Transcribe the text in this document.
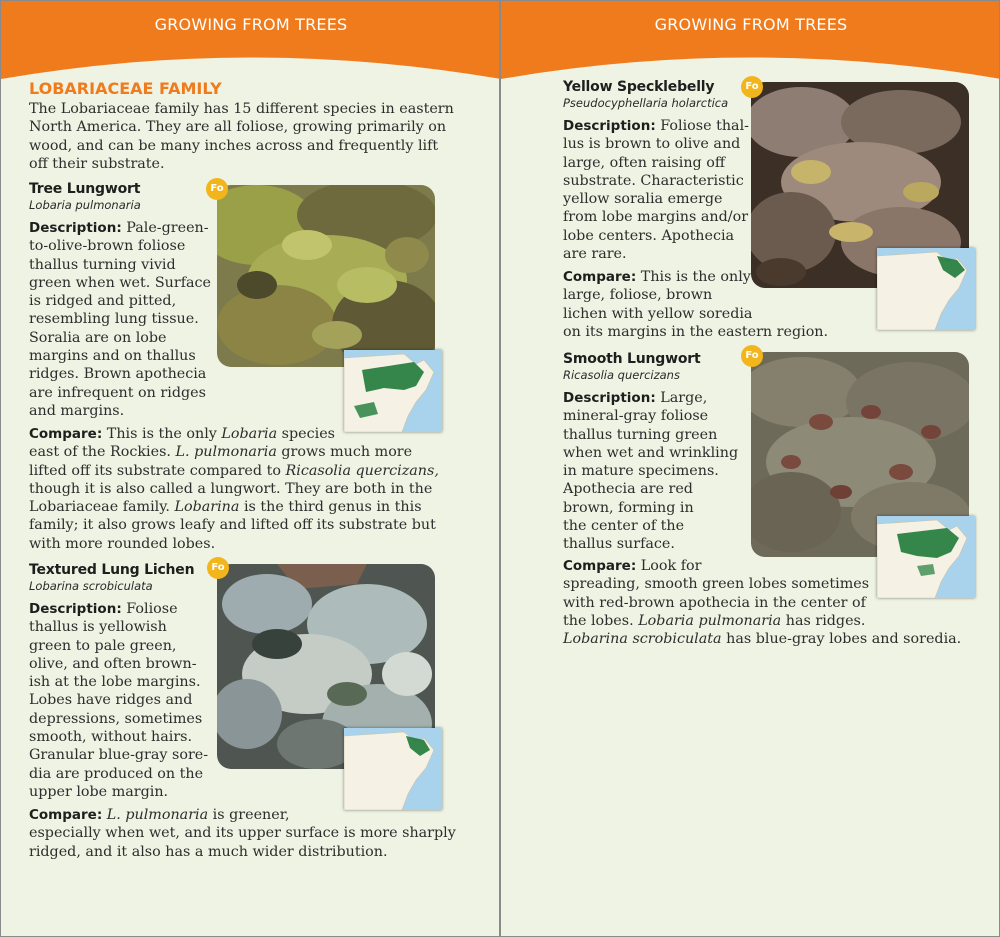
GROWING FROM TREES
LOBARIACEAE FAMILY
The Lobariaceae family has 15 different species in eastern
North America. They are all foliose, growing primarily on
wood, and can be many inches across and frequently lift
off their substrate.
Tree Lungwort
Lobaria pulmonaria
Fo
Description: Pale-green-
to-olive-brown foliose
thallus turning vivid
green when wet. Surface
is ridged and pitted,
resembling lung tissue.
Soralia are on lobe
margins and on thallus
ridges. Brown apothecia
are infrequent on ridges
and margins.
Compare: This is the only Lobaria species
east of the Rockies. L. pulmonaria grows much more
lifted off its substrate compared to Ricasolia quercizans,
though it is also called a lungwort. They are both in the
Lobariaceae family. Lobarina is the third genus in this
family; it also grows leafy and lifted off its substrate but
with more rounded lobes.
Textured Lung Lichen
Lobarina scrobiculata
Fo
Description: Foliose
thallus is yellowish
green to pale green,
olive, and often brown-
ish at the lobe margins.
Lobes have ridges and
depressions, sometimes
smooth, without hairs.
Granular blue-gray sore-
dia are produced on the
upper lobe margin.
Compare: L. pulmonaria is greener,
especially when wet, and its upper surface is more sharply
ridged, and it also has a much wider distribution.
GROWING FROM TREES
Yellow Specklebelly
Pseudocyphellaria holarctica
Fo
Description: Foliose thal-
lus is brown to olive and
large, often raising off
substrate. Characteristic
yellow soralia emerge
from lobe margins and/or
lobe centers. Apothecia
are rare.
Compare: This is the only
large, foliose, brown
lichen with yellow soredia
on its margins in the eastern region.
Smooth Lungwort
Ricasolia quercizans
Fo
Description: Large,
mineral-gray foliose
thallus turning green
when wet and wrinkling
in mature specimens.
Apothecia are red
brown, forming in
the center of the
thallus surface.
Compare: Look for
spreading, smooth green lobes sometimes
with red-brown apothecia in the center of
the lobes. Lobaria pulmonaria has ridges.
Lobarina scrobiculata has blue-gray lobes and soredia.
